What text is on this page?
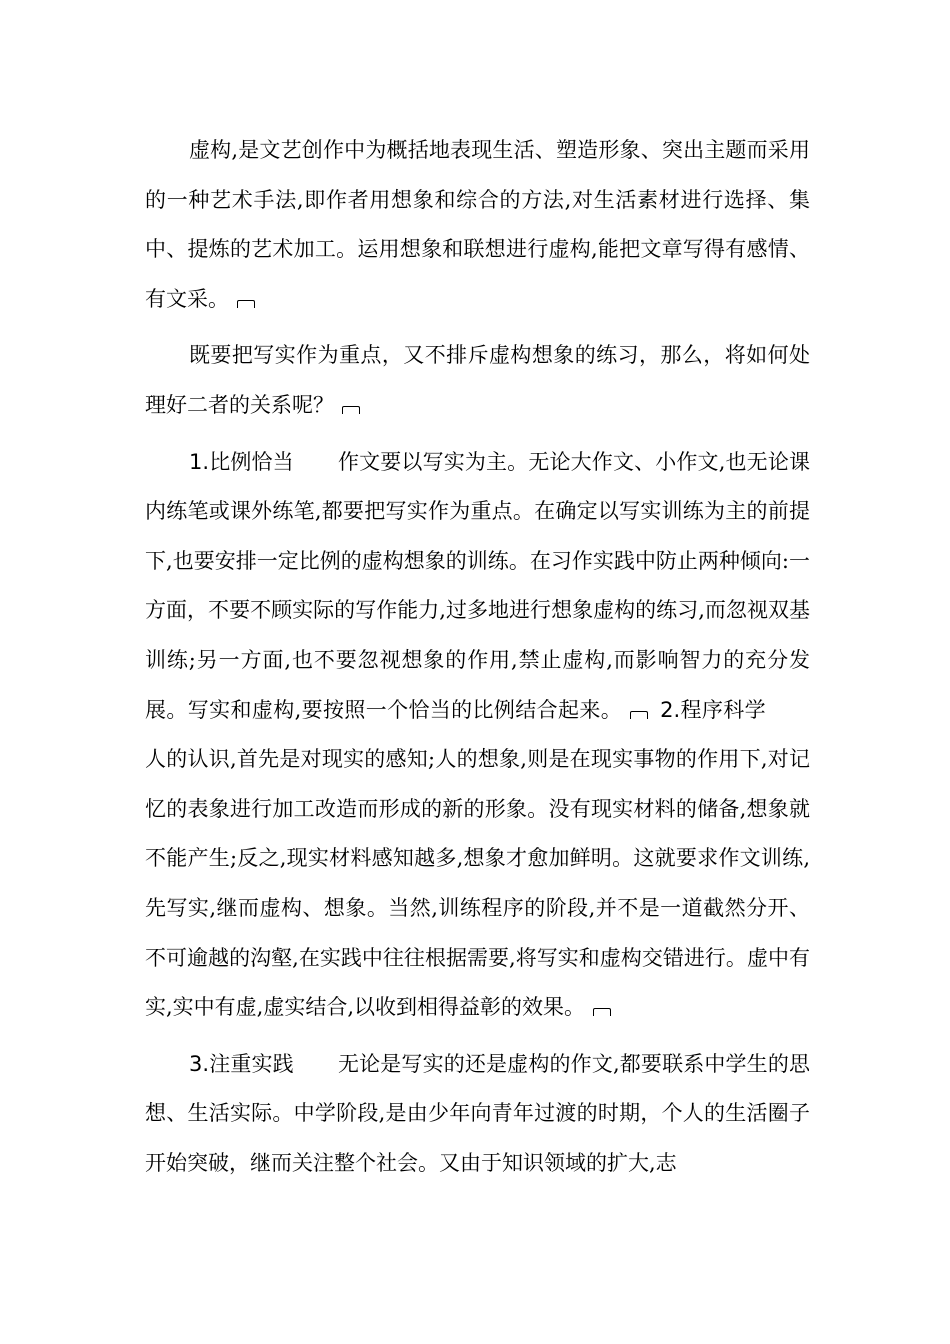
虚构,是文艺创作中为概括地表现生活、塑造形象、突出主题而采用的一种艺术手法,即作者用想象和综合的方法,对生活素材进行选择、集中、提炼的艺术加工。运用想象和联想进行虚构,能把文章写得有感情、有文采。

既要把写实作为重点，又不排斥虚构想象的练习，那么，将如何处理好二者的关系呢？

1.比例恰当 作文要以写实为主。无论大作文、小作文,也无论课内练笔或课外练笔,都要把写实作为重点。在确定以写实训练为主的前提下,也要安排一定比例的虚构想象的训练。在习作实践中防止两种倾向:一方面，不要不顾实际的写作能力,过多地进行想象虚构的练习,而忽视双基训练;另一方面,也不要忽视想象的作用,禁止虚构,而影响智力的充分发展。写实和虚构,要按照一个恰当的比例结合起来。 2.程序科学人的认识,首先是对现实的感知;人的想象,则是在现实事物的作用下,对记忆的表象进行加工改造而形成的新的形象。没有现实材料的储备,想象就不能产生;反之,现实材料感知越多,想象才愈加鲜明。这就要求作文训练, 先写实,继而虚构、想象。当然,训练程序的阶段,并不是一道截然分开、不可逾越的沟壑,在实践中往往根据需要,将写实和虚构交错进行。虚中有实,实中有虚,虚实结合,以收到相得益彰的效果。

3.注重实践 无论是写实的还是虚构的作文,都要联系中学生的思想、生活实际。中学阶段,是由少年向青年过渡的时期，个人的生活圈子开始突破，继而关注整个社会。又由于知识领域的扩大,志
